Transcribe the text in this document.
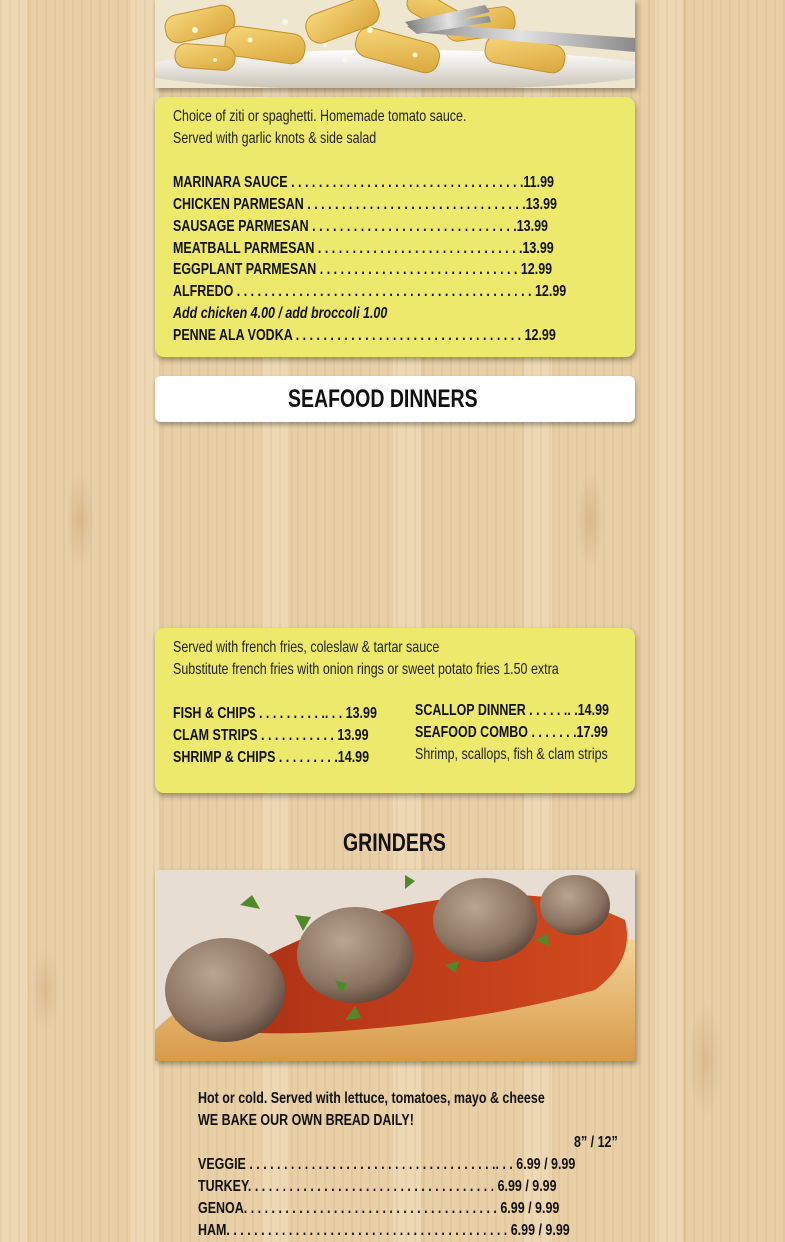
Choice of ziti or spaghetti. Homemade tomato sauce.
Served with garlic knots & side salad
MARINARA SAUCE . . . . . . . . . . . . . . . . . . . . . . . . . . . . . . . . . .11.99
CHICKEN PARMESAN . . . . . . . . . . . . . . . . . . . . . . . . . . . . . . . .13.99
SAUSAGE PARMESAN . . . . . . . . . . . . . . . . . . . . . . . . . . . . . .13.99
MEATBALL PARMESAN . . . . . . . . . . . . . . . . . . . . . . . . . . . . . .13.99
EGGPLANT PARMESAN . . . . . . . . . . . . . . . . . . . . . . . . . . . . . 12.99
ALFREDO . . . . . . . . . . . . . . . . . . . . . . . . . . . . . . . . . . . . . . . . . . . 12.99
Add chicken 4.00 / add broccoli 1.00
PENNE ALA VODKA . . . . . . . . . . . . . . . . . . . . . . . . . . . . . . . . . 12.99
SEAFOOD DINNERS
Served with french fries, coleslaw & tartar sauce
Substitute french fries with onion rings or sweet potato fries 1.50 extra
FISH & CHIPS . . . . . . . . . .. . . 13.99
CLAM STRIPS . . . . . . . . . . . 13.99
SHRIMP & CHIPS . . . . . . . . .14.99
SCALLOP DINNER . . . . . .. .14.99
SEAFOOD COMBO . . . . . . .17.99
Shrimp, scallops, fish & clam strips
GRINDERS
Hot or cold. Served with lettuce, tomatoes, mayo & cheese
WE BAKE OUR OWN BREAD DAILY!
8” / 12”
VEGGIE . . . . . . . . . . . . . . . . . . . . . . . . . . . . . . . . . . . .. . . 6.99 / 9.99
TURKEY. . . . . . . . . . . . . . . . . . . . . . . . . . . . . . . . . . . . 6.99 / 9.99
GENOA. . . . . . . . . . . . . . . . . . . . . . . . . . . . . . . . . . . . . 6.99 / 9.99
HAM. . . . . . . . . . . . . . . . . . . . . . . . . . . . . . . . . . . . . . . . . 6.99 / 9.99
